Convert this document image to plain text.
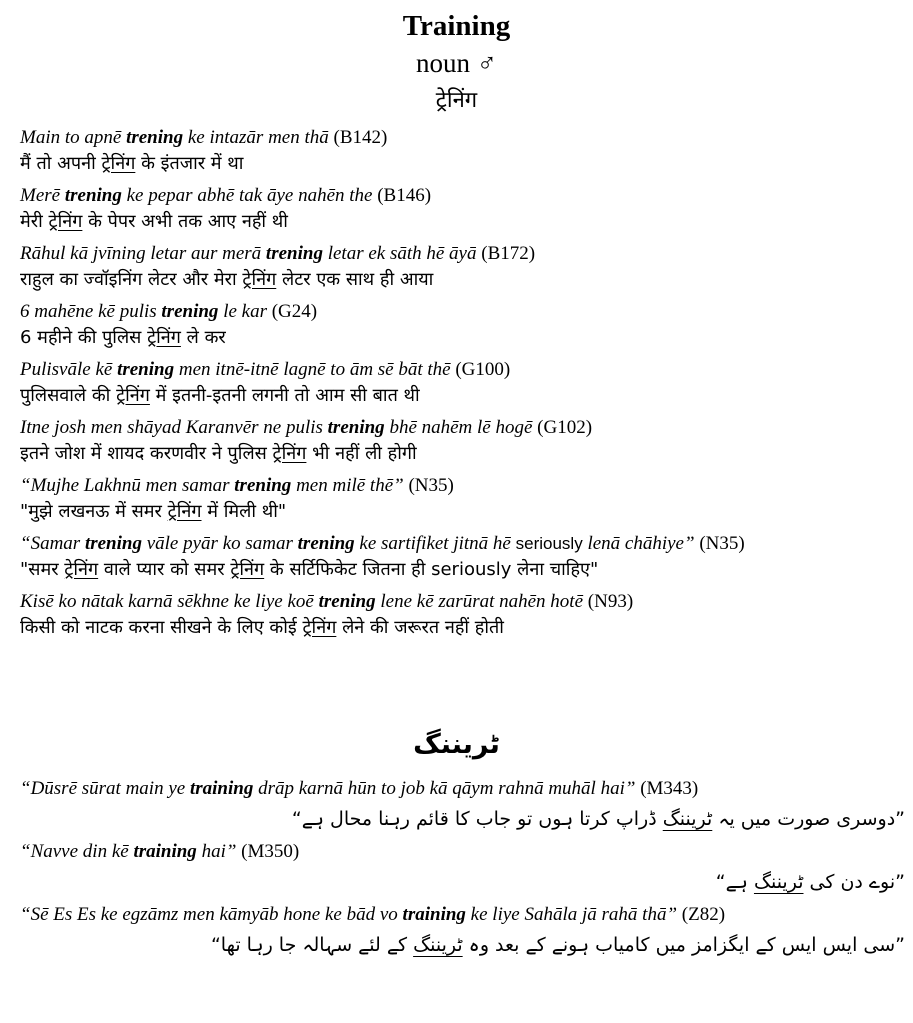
Training
noun ♂
ट्रेनिंग
Main to apnē trening ke intazār men thā (B142)
मैं तो अपनी ट्रेनिंग के इंतजार में था
Merē trening ke pepar abhē tak āye nahēn the (B146)
मेरी ट्रेनिंग के पेपर अभी तक आए नहीं थी
Rāhul kā jvīning letar aur merā trening letar ek sāth hē āyā (B172)
राहुल का ज्वॉइनिंग लेटर और मेरा ट्रेनिंग लेटर एक साथ ही आया
6 mahēne kē pulis trening le kar (G24)
6 महीने की पुलिस ट्रेनिंग ले कर
Pulisvāle kē trening men itnē-itnē lagnē to ām sē bāt thē (G100)
पुलिसवाले की ट्रेनिंग में इतनी-इतनी लगनी तो आम सी बात थी
Itne josh men shāyad Karanvēr ne pulis trening bhē nahēm lē hogē (G102)
इतने जोश में शायद करणवीर ने पुलिस ट्रेनिंग भी नहीं ली होगी
“Mujhe Lakhnū men samar trening men milē thē” (N35)
"मुझे लखनऊ में समर ट्रेनिंग में मिली थी"
“Samar trening vāle pyār ko samar trening ke sartifiket jitnā hē seriously lenā chāhiye” (N35)
"समर ट्रेनिंग वाले प्यार को समर ट्रेनिंग के सर्टिफिकेट जितना ही seriously लेना चाहिए"
Kisē ko nātak karnā sēkhne ke liye koē trening lene kē zarūrat nahēn hotē (N93)
किसी को नाटक करना सीखने के लिए कोई ट्रेनिंग लेने की जरूरत नहीं होती
ٹریننگ
“Dūsrē sūrat main ye training drāp karnā hūn to job kā qāym rahnā muhāl hai” (M343)
”دوسری صورت میں یہ ٹریننگ ڈراپ کرتا ہوں تو جاب کا قائم رہنا محال ہے“
“Navve din kē training hai” (M350)
”نوے دن کی ٹریننگ ہے“
“Sē Es Es ke egzāmz men kāmyāb hone ke bād vo training ke liye Sahāla jā rahā thā” (Z82)
”سی ایس ایس کے ایگزامز میں کامیاب ہونے کے بعد وہ ٹریننگ کے لئے سہالہ جا رہا تھا“
